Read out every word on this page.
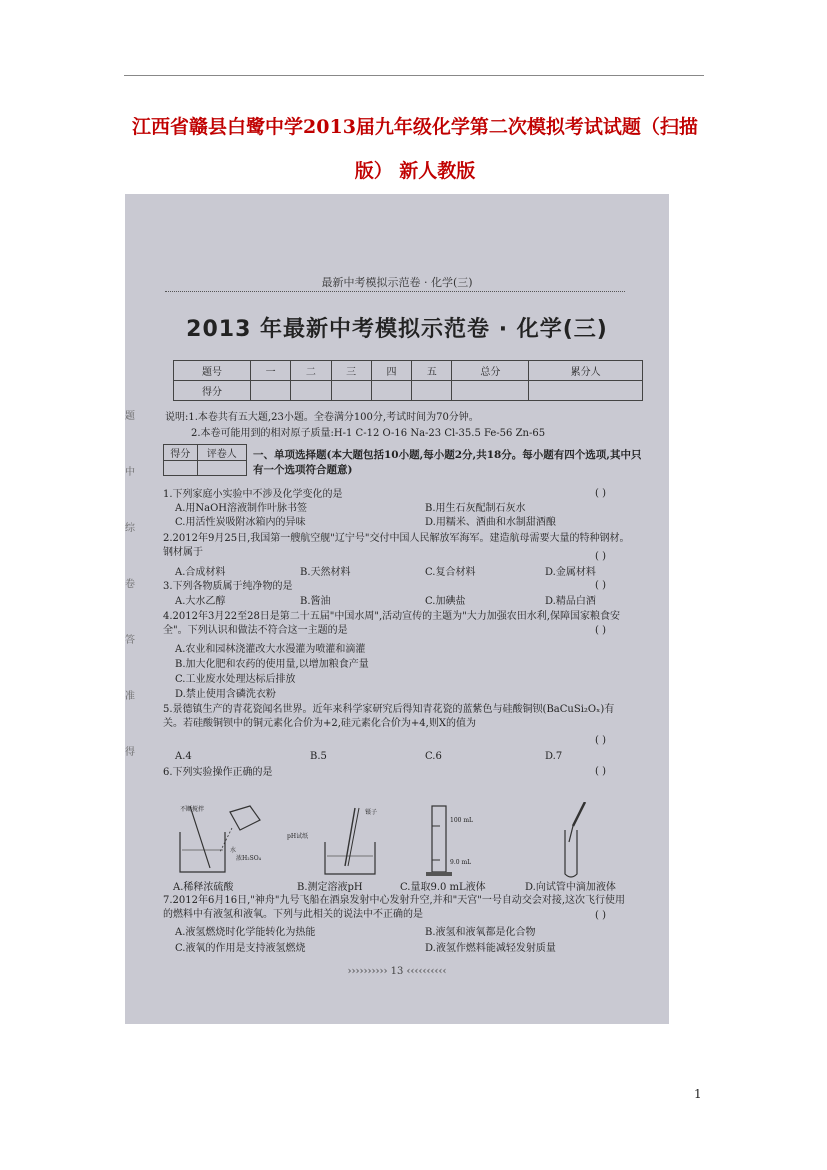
江西省赣县白鹭中学2013届九年级化学第二次模拟考试试题（扫描
版） 新人教版
题
中
综
卷
答
准
得
最新中考模拟示范卷 · 化学(三)
2013 年最新中考模拟示范卷 · 化学(三)
题号	一	二	三	四	五	总分	累分人
得分							
说明:1.本卷共有五大题,23小题。全卷满分100分,考试时间为70分钟。
2.本卷可能用到的相对原子质量:H-1 C-12 O-16 Na-23 Cl-35.5 Fe-56 Zn-65
得分	评卷人
	一、单项选择题(本大题包括10小题,每小题2分,共18分。每小题有四个选项,其中只有一个选项符合题意)
1.下列家庭小实验中不涉及化学变化的是	( )
A.用NaOH溶液制作叶脉书签	B.用生石灰配制石灰水
C.用活性炭吸附冰箱内的异味	D.用糯米、酒曲和水制甜酒酿
2.2012年9月25日,我国第一艘航空舰"辽宁号"交付中国人民解放军海军。建造航母需要大量的特种钢材。钢材属于	( )
A.合成材料	B.天然材料	C.复合材料	D.金属材料
3.下列各物质属于纯净物的是	( )
A.大水乙醇	B.酱油	C.加碘盐	D.精品白酒
4.2012年3月22至28日是第二十五届"中国水周",活动宣传的主题为"大力加强农田水利,保障国家粮食安全"。下列认识和做法不符合这一主题的是	( )
A.农业和园林浇灌改大水漫灌为喷灌和滴灌
B.加大化肥和农药的使用量,以增加粮食产量
C.工业废水处理达标后排放
D.禁止使用含磷洗衣粉
5.景德镇生产的青花瓷闻名世界。近年来科学家研究后得知青花瓷的蓝紫色与硅酸铜钡(BaCuSi₂Oₓ)有关。若硅酸铜钡中的铜元素化合价为+2,硅元素化合价为+4,则X的值为
( )
A.4	B.5	C.6	D.7
6.下列实验操作正确的是	( )
不断搅拌
浓H₂SO₄
水
镊子
pH试纸
100 mL
9.0 mL
A.稀释浓硫酸	B.测定溶液pH	C.量取9.0 mL液体	D.向试管中滴加液体
7.2012年6月16日,"神舟"九号飞船在酒泉发射中心发射升空,并和"天宫"一号自动交会对接,这次飞行使用的燃料中有液氢和液氧。下列与此相关的说法中不正确的是	( )
A.液氢燃烧时化学能转化为热能	B.液氢和液氧都是化合物
C.液氧的作用是支持液氢燃烧	D.液氢作燃料能减轻发射质量
›››››››››› 13 ‹‹‹‹‹‹‹‹‹‹
1
